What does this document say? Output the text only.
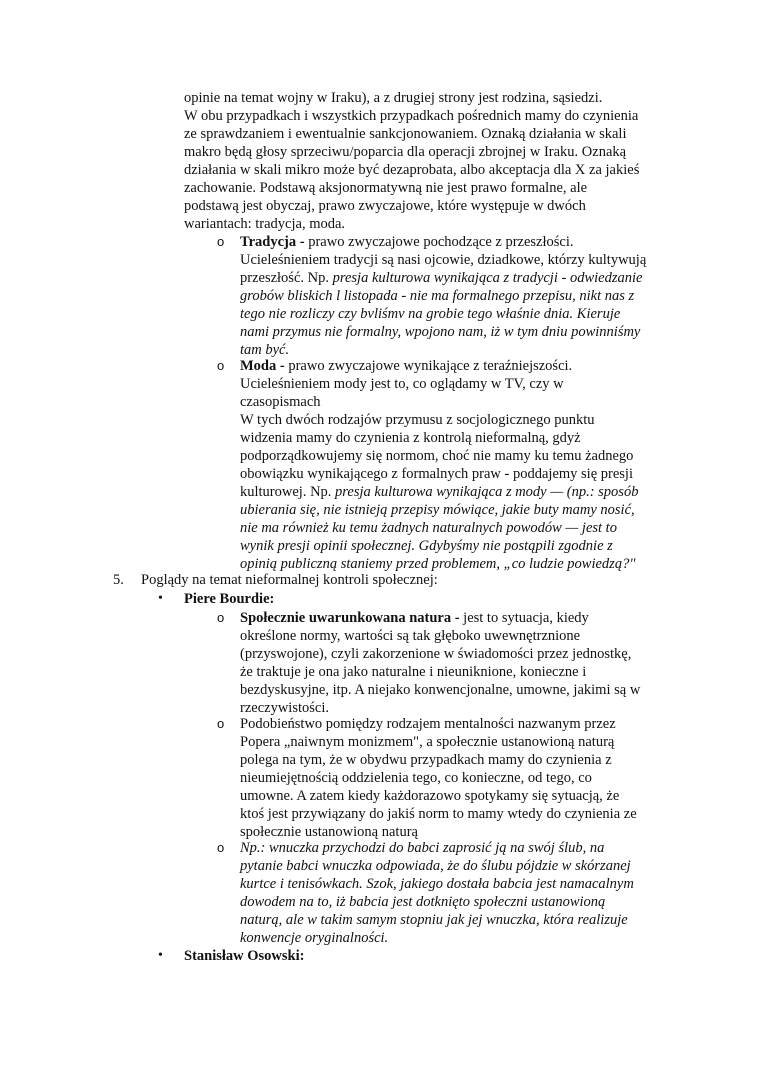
opinie na temat wojny w Iraku), a z drugiej strony jest rodzina, sąsiedzi.
W obu przypadkach i wszystkich przypadkach pośrednich mamy do czynienia
ze sprawdzaniem i ewentualnie sankcjonowaniem. Oznaką działania w skali
makro będą głosy sprzeciwu/poparcia dla operacji zbrojnej w Iraku. Oznaką
działania w skali mikro może być dezaprobata, albo akceptacja dla X za jakieś
zachowanie. Podstawą aksjonormatywną nie jest prawo formalne, ale
podstawą jest obyczaj, prawo zwyczajowe, które występuje w dwóch
wariantach: tradycja, moda.
o Tradycja - prawo zwyczajowe pochodzące z przeszłości.
Ucieleśnieniem tradycji są nasi ojcowie, dziadkowe, którzy kultywują
przeszłość. Np. presja kulturowa wynikająca z tradycji - odwiedzanie
grobów bliskich l listopada - nie ma formalnego przepisu, nikt nas z
tego nie rozliczy czy bvliśmv na grobie tego właśnie dnia. Kieruje
nami przymus nie formalny, wpojono nam, iż w tym dniu powinniśmy
tam być.
o Moda - prawo zwyczajowe wynikające z teraźniejszości.
Ucieleśnieniem mody jest to, co oglądamy w TV, czy w
czasopismach
W tych dwóch rodzajów przymusu z socjologicznego punktu
widzenia mamy do czynienia z kontrolą nieformalną, gdyż
podporządkowujemy się normom, choć nie mamy ku temu żadnego
obowiązku wynikającego z formalnych praw - poddajemy się presji
kulturowej. Np. presja kulturowa wynikająca z mody — (np.: sposób
ubierania się, nie istnieją przepisy mówiące, jakie buty mamy nosić,
nie ma również ku temu żadnych naturalnych powodów — jest to
wynik presji opinii społecznej. Gdybyśmy nie postąpili zgodnie z
opinią publiczną staniemy przed problemem, „co ludzie powiedzą?"
5. Poglądy na temat nieformalnej kontroli społecznej:
• Piere Bourdie:
o Społecznie uwarunkowana natura - jest to sytuacja, kiedy
określone normy, wartości są tak głęboko uwewnętrznione
(przyswojone), czyli zakorzenione w świadomości przez jednostkę,
że traktuje je ona jako naturalne i nieuniknione, konieczne i
bezdyskusyjne, itp. A niejako konwencjonalne, umowne, jakimi są w
rzeczywistości.
o Podobieństwo pomiędzy rodzajem mentalności nazwanym przez
Popera „naiwnym monizmem", a społecznie ustanowioną naturą
polega na tym, że w obydwu przypadkach mamy do czynienia z
nieumiejętnością oddzielenia tego, co konieczne, od tego, co
umowne. A zatem kiedy każdorazowo spotykamy się sytuacją, że
ktoś jest przywiązany do jakiś norm to mamy wtedy do czynienia ze
społecznie ustanowioną naturą
o Np.: wnuczka przychodzi do babci zaprosić ją na swój ślub, na
pytanie babci wnuczka odpowiada, że do ślubu pójdzie w skórzanej
kurtce i tenisówkach. Szok, jakiego dostała babcia jest namacalnym
dowodem na to, iż babcia jest dotknięto społeczni ustanowioną
naturą, ale w takim samym stopniu jak jej wnuczka, która realizuje
konwencje oryginalności.
• Stanisław Osowski:
